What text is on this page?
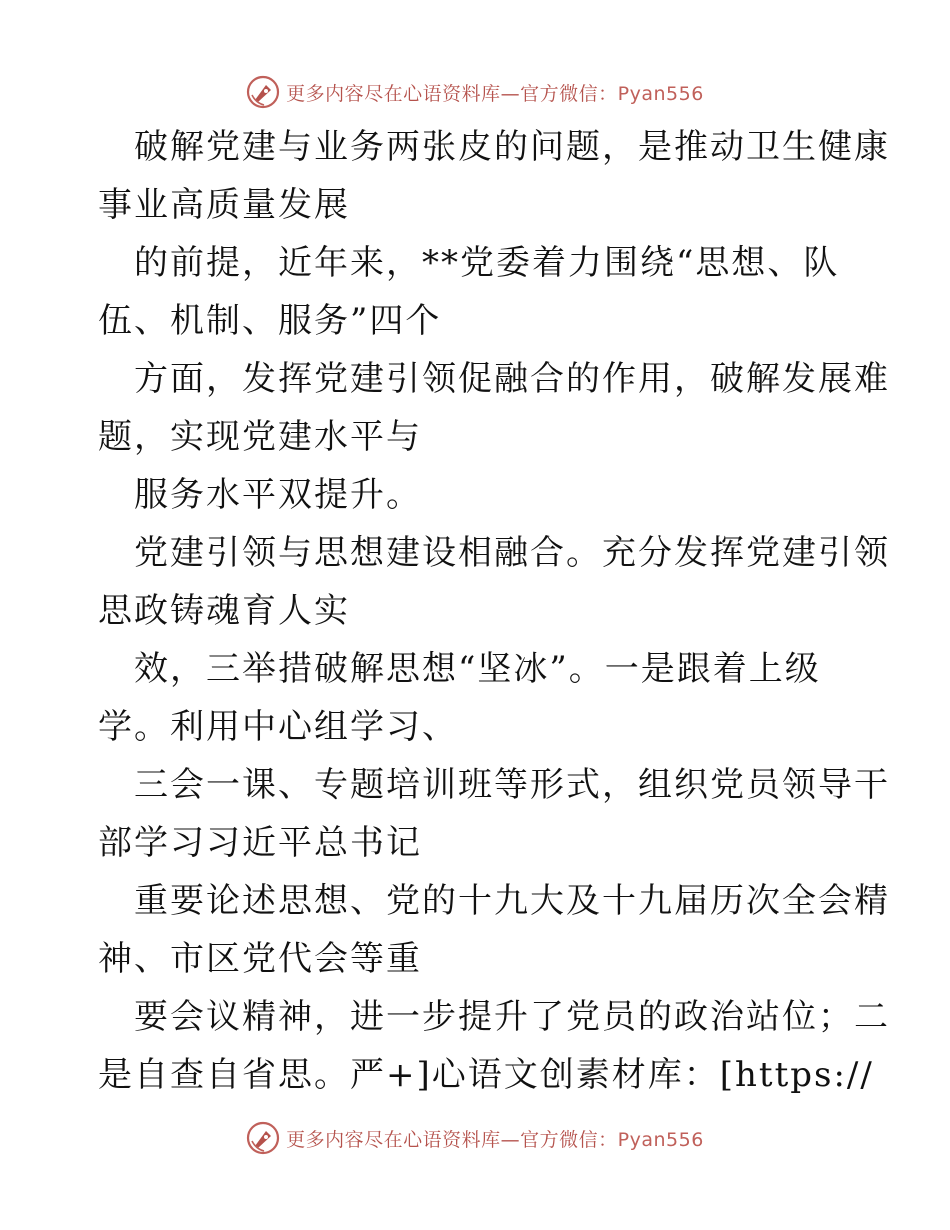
更多内容尽在心语资料库—官方微信：Pyan556
破解党建与业务两张皮的问题，是推动卫生健康
事业高质量发展
的前提，近年来，**党委着力围绕“思想、队
伍、机制、服务”四个
方面，发挥党建引领促融合的作用，破解发展难
题，实现党建水平与
服务水平双提升。
党建引领与思想建设相融合。充分发挥党建引领
思政铸魂育人实
效，三举措破解思想“坚冰”。一是跟着上级
学。利用中心组学习、
三会一课、专题培训班等形式，组织党员领导干
部学习习近平总书记
重要论述思想、党的十九大及十九届历次全会精
神、市区党代会等重
要会议精神，进一步提升了党员的政治站位；二
是自查自省思。严+]心语文创素材库：[https://
更多内容尽在心语资料库—官方微信：Pyan556
